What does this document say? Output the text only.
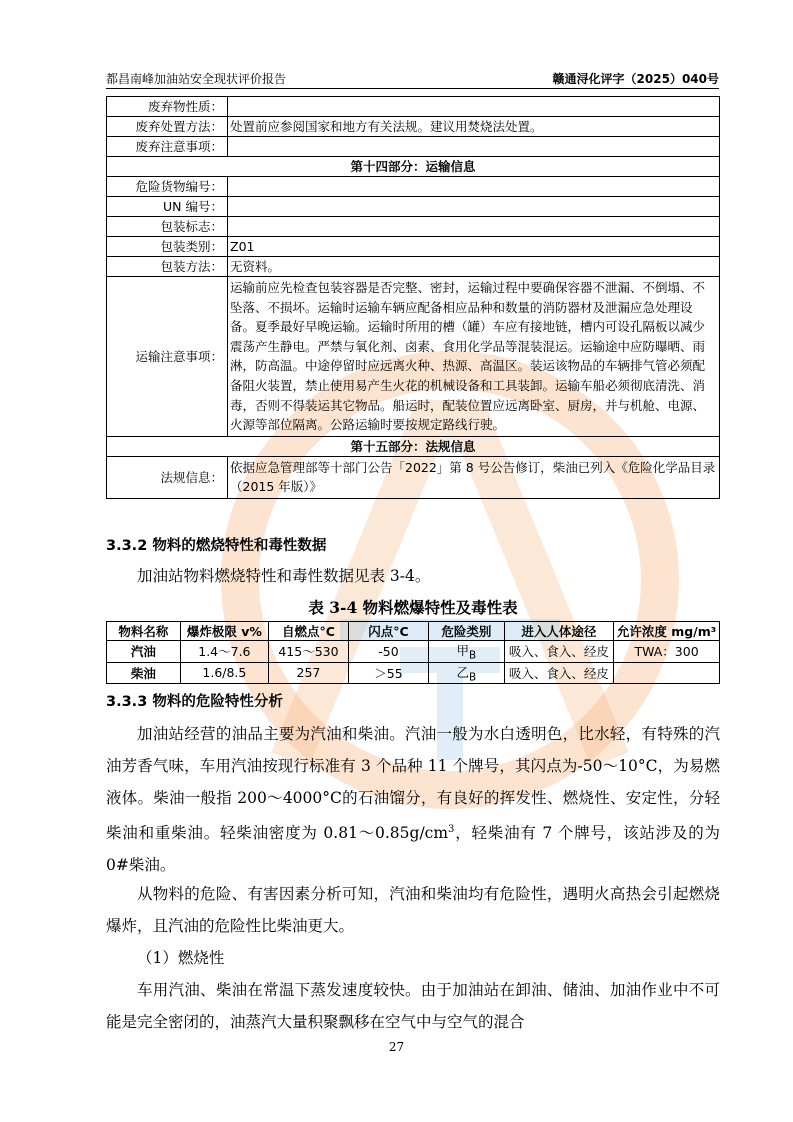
都昌南峰加油站安全现状评价报告	赣通浔化评字（2025）040号
废弃物性质：	
废弃处置方法：	处置前应参阅国家和地方有关法规。建议用焚烧法处置。
废弃注意事项：	
第十四部分：运输信息	
危险货物编号：	
UN 编号：	
包装标志：	
包装类别：	Z01
包装方法：	无资料。
运输注意事项：	运输前应先检查包装容器是否完整、密封，运输过程中要确保容器不泄漏、不倒塌、不坠落、不损坏。运输时运输车辆应配备相应品种和数量的消防器材及泄漏应急处理设备。夏季最好早晚运输。运输时所用的槽（罐）车应有接地链，槽内可设孔隔板以减少震荡产生静电。严禁与氧化剂、卤素、食用化学品等混装混运。运输途中应防曝晒、雨淋，防高温。中途停留时应远离火种、热源、高温区。装运该物品的车辆排气管必须配备阻火装置，禁止使用易产生火花的机械设备和工具装卸。运输车船必须彻底清洗、消毒，否则不得装运其它物品。船运时，配装位置应远离卧室、厨房，并与机舱、电源、火源等部位隔离。公路运输时要按规定路线行驶。
第十五部分：法规信息	
法规信息：	依据应急管理部等十部门公告「2022」第 8 号公告修订，柴油已列入《危险化学品目录（2015 年版）》
3.3.2 物料的燃烧特性和毒性数据
加油站物料燃烧特性和毒性数据见表 3-4。
表 3-4 物料燃爆特性及毒性表
物料名称	爆炸极限 v%	自燃点°C	闪点°C	危险类别	进入人体途径	允许浓度 mg/m³
汽油	1.4～7.6	415～530	-50	甲$_B$	吸入、食入、经皮	TWA：300
柴油	1.6/8.5	257	＞55	乙$_B$	吸入、食入、经皮	
3.3.3 物料的危险特性分析
加油站经营的油品主要为汽油和柴油。汽油一般为水白透明色，比水轻，有特殊的汽油芳香气味，车用汽油按现行标准有 3 个品种 11 个牌号，其闪点为-50～10°C，为易燃液体。柴油一般指 200～4000°C的石油馏分，有良好的挥发性、燃烧性、安定性，分轻柴油和重柴油。轻柴油密度为 $0.81\sim 0.85g/cm^3$，轻柴油有 7 个牌号，该站涉及的为 0#柴油。
从物料的危险、有害因素分析可知，汽油和柴油均有危险性，遇明火高热会引起燃烧爆炸，且汽油的危险性比柴油更大。
（1）燃烧性
车用汽油、柴油在常温下蒸发速度较快。由于加油站在卸油、储油、加油作业中不可能是完全密闭的，油蒸汽大量积聚飘移在空气中与空气的混合
27
